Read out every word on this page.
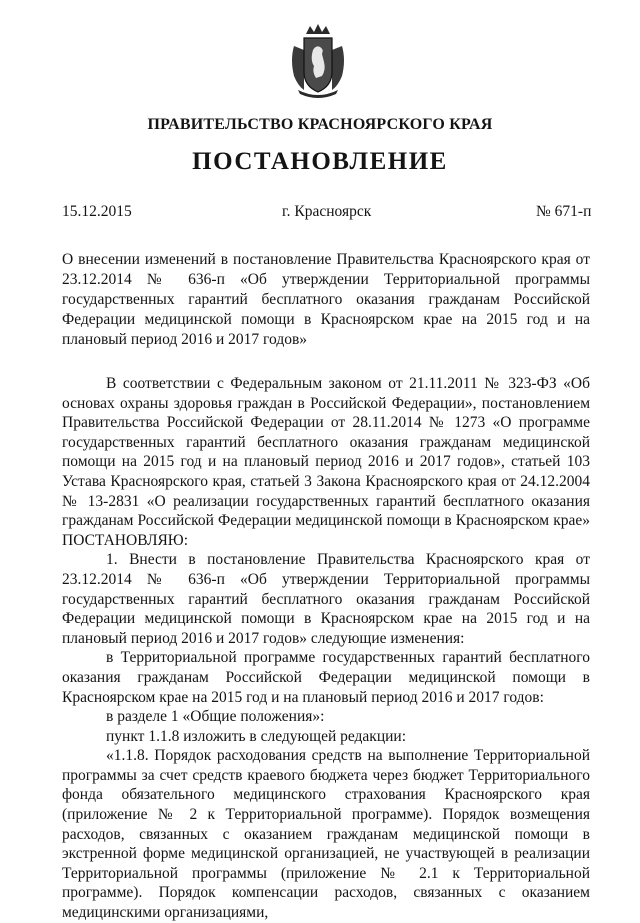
ПРАВИТЕЛЬСТВО КРАСНОЯРСКОГО КРАЯ
ПОСТАНОВЛЕНИЕ
15.12.2015	г. Красноярск	№ 671-п

О внесении изменений в постановление Правительства Красноярского края от 23.12.2014 № 636-п «Об утверждении Территориальной программы государственных гарантий бесплатного оказания гражданам Российской Федерации медицинской помощи в Красноярском крае на 2015 год и на плановый период 2016 и 2017 годов»

В соответствии с Федеральным законом от 21.11.2011 № 323-ФЗ «Об основах охраны здоровья граждан в Российской Федерации», постановлением Правительства Российской Федерации от 28.11.2014 № 1273 «О программе государственных гарантий бесплатного оказания гражданам медицинской помощи на 2015 год и на плановый период 2016 и 2017 годов», статьей 103 Устава Красноярского края, статьей 3 Закона Красноярского края от 24.12.2004 № 13-2831 «О реализации государственных гарантий бесплатного оказания гражданам Российской Федерации медицинской помощи в Красноярском крае» ПОСТАНОВЛЯЮ:

1. Внести в постановление Правительства Красноярского края от 23.12.2014 № 636-п «Об утверждении Территориальной программы государственных гарантий бесплатного оказания гражданам Российской Федерации медицинской помощи в Красноярском крае на 2015 год и на плановый период 2016 и 2017 годов» следующие изменения:

в Территориальной программе государственных гарантий бесплатного оказания гражданам Российской Федерации медицинской помощи в Красноярском крае на 2015 год и на плановый период 2016 и 2017 годов:

в разделе 1 «Общие положения»:

пункт 1.1.8 изложить в следующей редакции:

«1.1.8. Порядок расходования средств на выполнение Территориальной программы за счет средств краевого бюджета через бюджет Территориального фонда обязательного медицинского страхования Красноярского края (приложение № 2 к Территориальной программе). Порядок возмещения расходов, связанных с оказанием гражданам медицинской помощи в экстренной форме медицинской организацией, не участвующей в реализации Территориальной программы (приложение № 2.1 к Территориальной программе). Порядок компенсации расходов, связанных с оказанием медицинскими организациями,
